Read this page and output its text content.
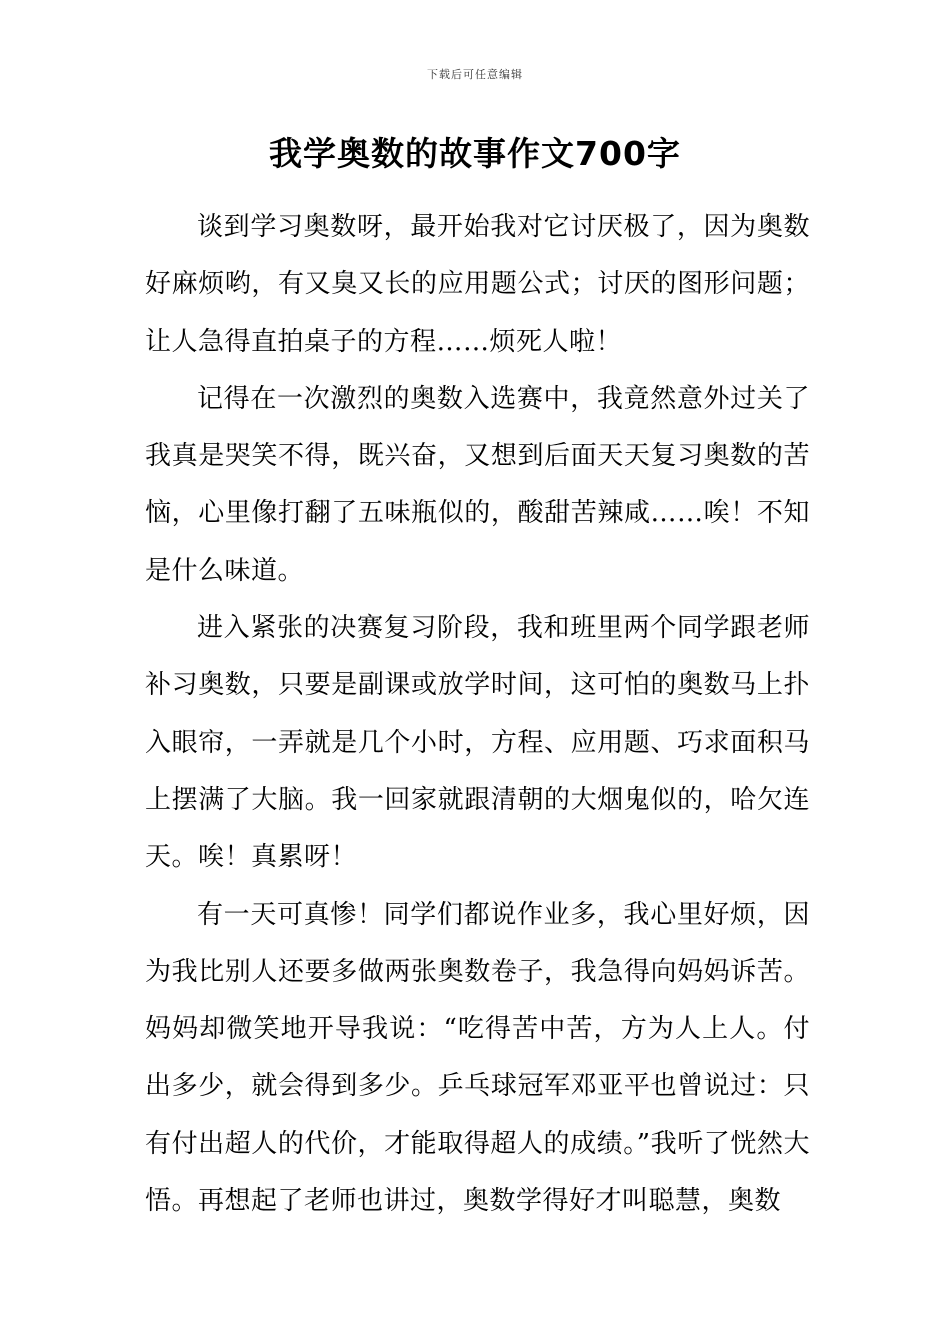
下载后可任意编辑
我学奥数的故事作文700字

谈到学习奥数呀，最开始我对它讨厌极了，因为奥数好麻烦哟，有又臭又长的应用题公式；讨厌的图形问题；让人急得直拍桌子的方程……烦死人啦！

记得在一次激烈的奥数入选赛中，我竟然意外过关了我真是哭笑不得，既兴奋，又想到后面天天复习奥数的苦恼，心里像打翻了五味瓶似的，酸甜苦辣咸……唉！不知是什么味道。

进入紧张的决赛复习阶段，我和班里两个同学跟老师补习奥数，只要是副课或放学时间，这可怕的奥数马上扑入眼帘，一弄就是几个小时，方程、应用题、巧求面积马上摆满了大脑。我一回家就跟清朝的大烟鬼似的，哈欠连天。唉！真累呀！

有一天可真惨！同学们都说作业多，我心里好烦，因为我比别人还要多做两张奥数卷子，我急得向妈妈诉苦。妈妈却微笑地开导我说：“吃得苦中苦，方为人上人。付出多少，就会得到多少。乒乓球冠军邓亚平也曾说过：只有付出超人的代价，才能取得超人的成绩。”我听了恍然大悟。再想起了老师也讲过，奥数学得好才叫聪慧，奥数
